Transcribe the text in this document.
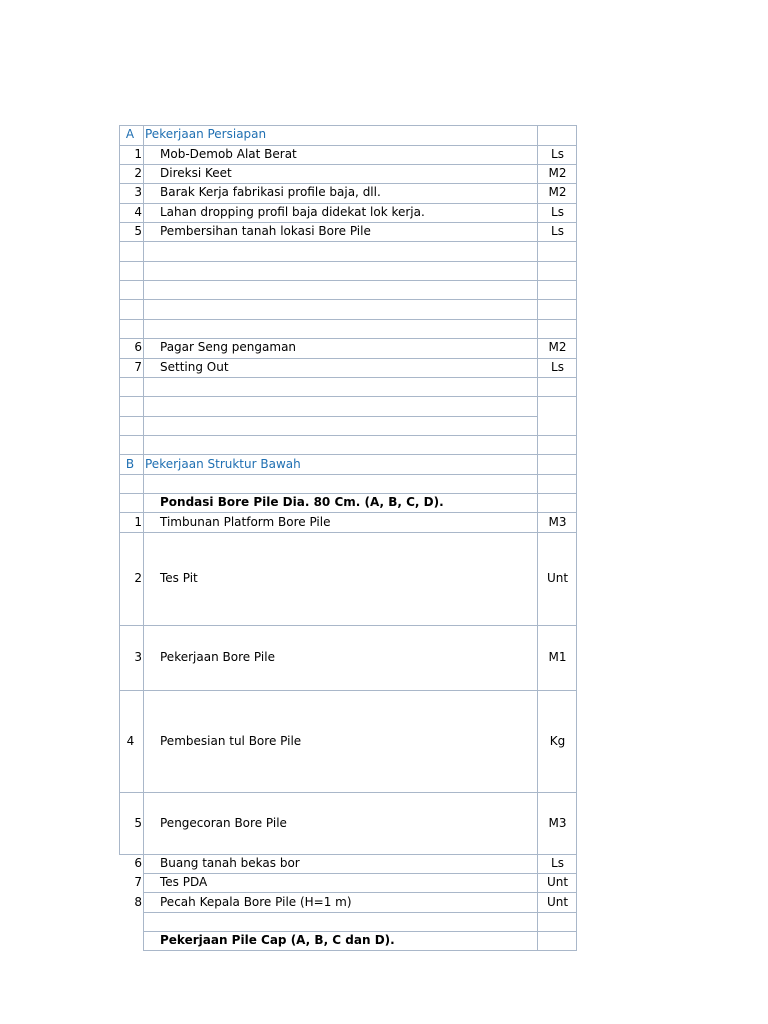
A Pekerjaan Persiapan
1 Mob-Demob Alat Berat	Ls
2 Direksi Keet	M2
3 Barak Kerja fabrikasi profile baja, dll.	M2
4 Lahan dropping profil baja didekat lok kerja.	Ls
5 Pembersihan tanah lokasi Bore Pile	Ls
6 Pagar Seng pengaman	M2
7 Setting Out	Ls
B Pekerjaan Struktur Bawah
Pondasi Bore Pile Dia. 80 Cm. (A, B, C, D).
1 Timbunan Platform Bore Pile	M3
2 Tes Pit	Unt
3 Pekerjaan Bore Pile	M1
4	Pembesian tul Bore Pile	Kg
5 Pengecoran Bore Pile	M3
6 Buang tanah bekas bor	Ls
7 Tes PDA	Unt
8 Pecah Kepala Bore Pile (H=1 m)	Unt
Pekerjaan Pile Cap (A, B, C dan D).
